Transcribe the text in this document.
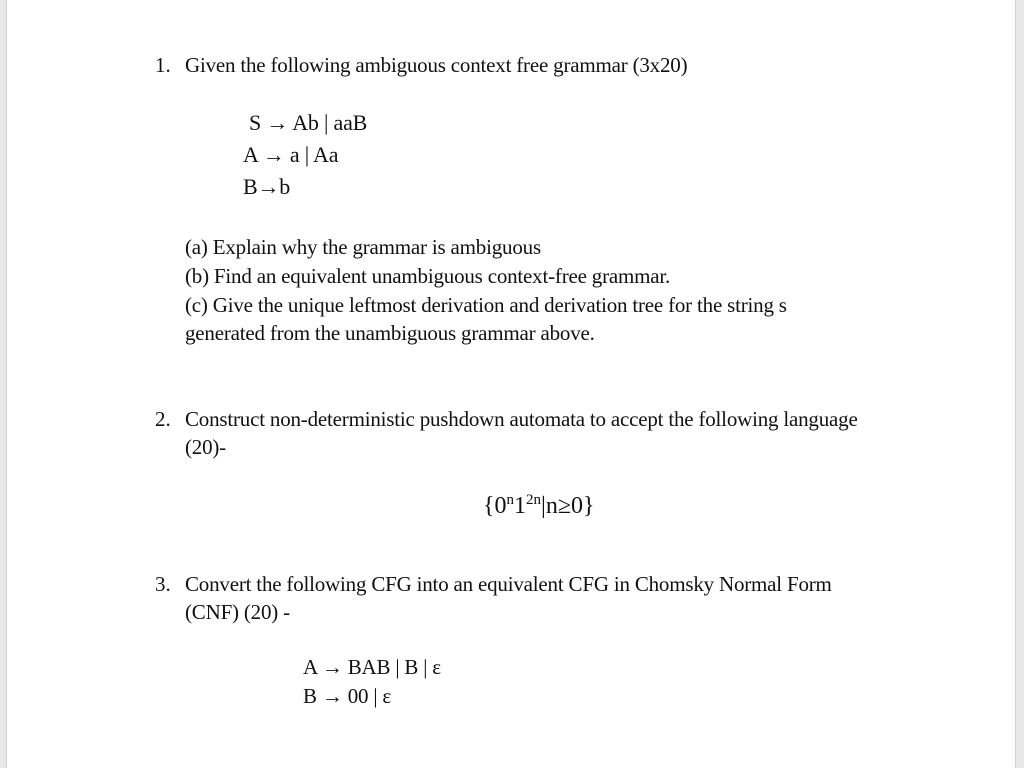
1. Given the following ambiguous context free grammar (3x20)
S → Ab | aaB
A → a | Aa
B→b
(a) Explain why the grammar is ambiguous
(b) Find an equivalent unambiguous context-free grammar.
(c) Give the unique leftmost derivation and derivation tree for the string s
generated from the unambiguous grammar above.
2. Construct non-deterministic pushdown automata to accept the following language
(20)-
$\{0^n1^{2n}|n\ge 0\}$
3. Convert the following CFG into an equivalent CFG in Chomsky Normal Form
(CNF) (20) -
A → BAB | B | ε
B → 00 | ε
